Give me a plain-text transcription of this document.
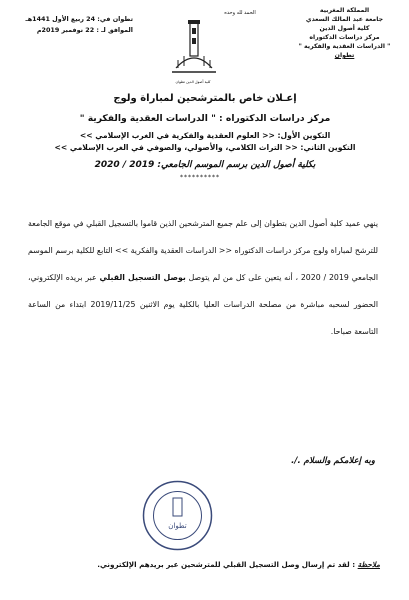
المملكة المغربية
جامعة عبد المالك السعدي
كلية أصول الدين
مركز دراسات الدكتوراه
" الدراسات العقدية والفكرية "
تطوان
تطوان في: 24 ربيع الأول 1441هـ
الموافق لـ : 22 نوفمبر 2019م
الحمد لله وحده
كلية أصول الدين تطوان
إعـلان خاص بالمترشحين لمباراة ولوج
مركز دراسات الدكتوراه : " الدراسات العقدية والفكرية "
التكوين الأول: << العلوم العقدية والفكرية في الغرب الإسلامي >>
التكوين الثاني: << التراث الكلامي، والأصولي، والصوفي في الغرب الإسلامي >>
بكلية أصول الدين برسم الموسم الجامعي: 2019 / 2020
**********
ينهي عميد كلية أصول الدين بتطوان إلى علم جميع المترشحين الذين قاموا بالتسجيل القبلي في موقع الجامعة للترشح لمباراة ولوج مركز دراسات الدكتوراه << الدراسات العقدية والفكرية >> التابع للكلية برسم الموسم الجامعي 2019 / 2020 ، أنه يتعين على كل من لم يتوصل بوصل التسجيل القبلي عبر بريده الإلكتروني، الحضور لسحبه مباشرة من مصلحة الدراسات العليا بالكلية يوم الاثنين 2019/11/25 ابتداء من الساعة التاسعة صباحا.
وبه إعلامكم والسلام ./.
تطوان
ملاحظة : لقد تم إرسال وصل التسجيل القبلي للمترشحين عبر بريدهم الإلكتروني.
